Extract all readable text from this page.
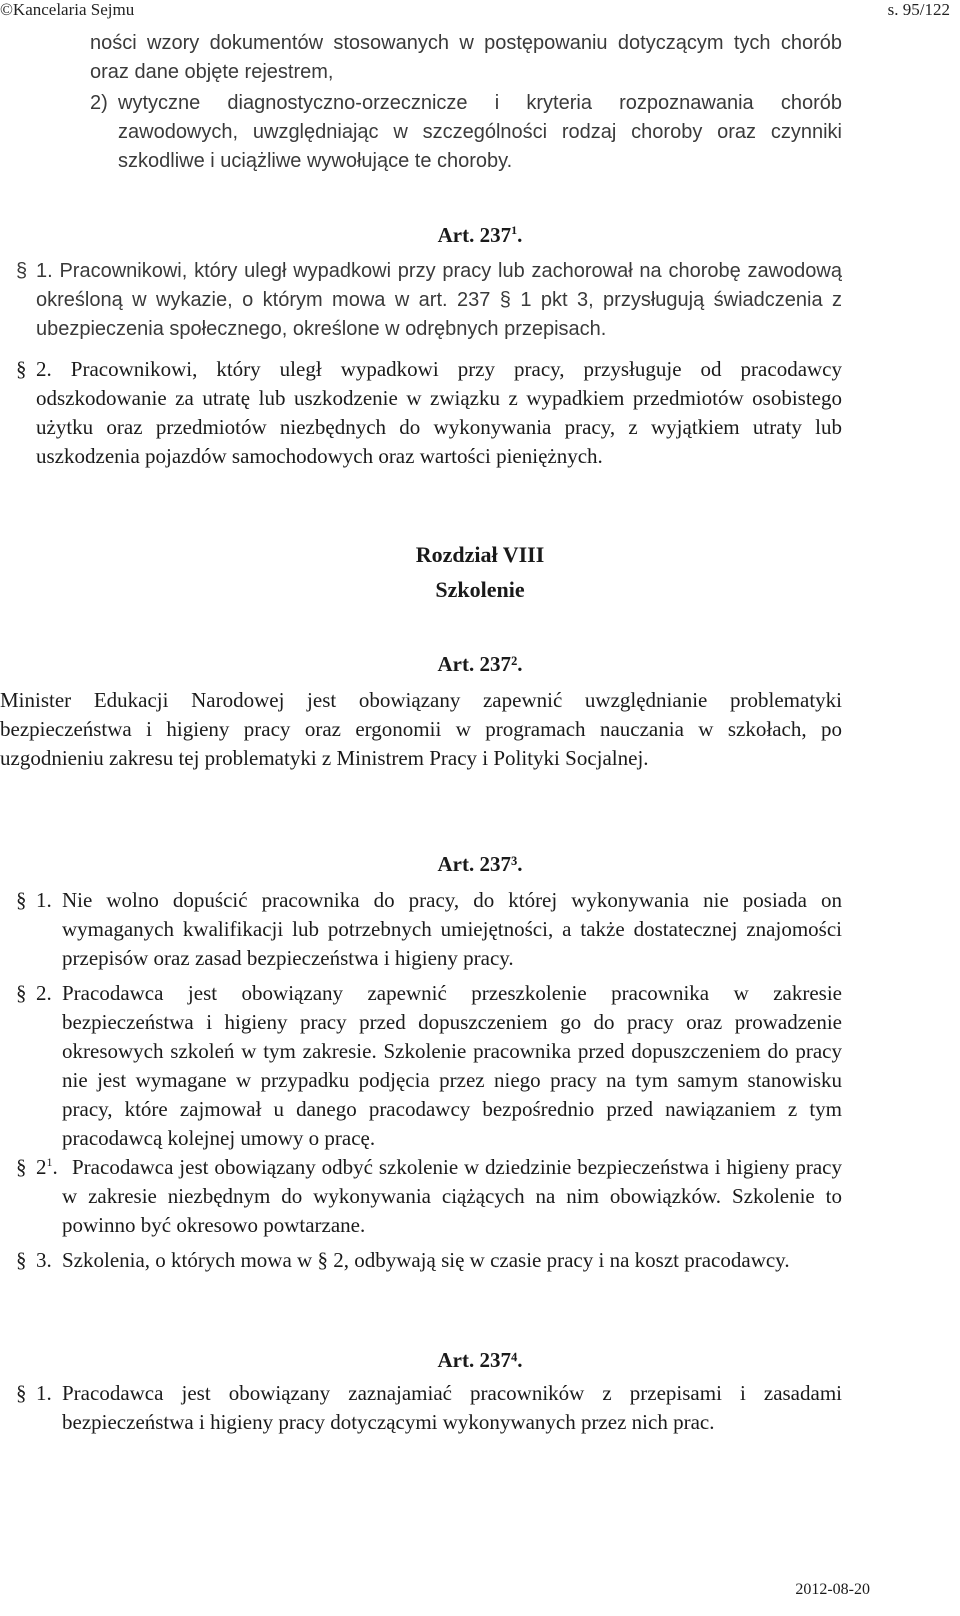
©Kancelaria Sejmu	s. 95/122
ności wzory dokumentów stosowanych w postępowaniu dotyczącym tych chorób oraz dane objęte rejestrem,
2) wytyczne diagnostyczno-orzecznicze i kryteria rozpoznawania chorób zawodowych, uwzględniając w szczególności rodzaj choroby oraz czynniki szkodliwe i uciążliwe wywołujące te choroby.
Art. $237^1$.
§ 1. Pracownikowi, który uległ wypadkowi przy pracy lub zachorował na chorobę zawodową określoną w wykazie, o którym mowa w art. 237 § 1 pkt 3, przysługują świadczenia z ubezpieczenia społecznego, określone w odrębnych przepisach.
§ 2. Pracownikowi, który uległ wypadkowi przy pracy, przysługuje od pracodawcy odszkodowanie za utratę lub uszkodzenie w związku z wypadkiem przedmiotów osobistego użytku oraz przedmiotów niezbędnych do wykonywania pracy, z wyjątkiem utraty lub uszkodzenia pojazdów samochodowych oraz wartości pieniężnych.
Rozdział VIII
Szkolenie
Art. 237².
Minister Edukacji Narodowej jest obowiązany zapewnić uwzględnianie problematyki bezpieczeństwa i higieny pracy oraz ergonomii w programach nauczania w szkołach, po uzgodnieniu zakresu tej problematyki z Ministrem Pracy i Polityki Socjalnej.
Art. 237³.
§ 1. Nie wolno dopuścić pracownika do pracy, do której wykonywania nie posiada on wymaganych kwalifikacji lub potrzebnych umiejętności, a także dostatecznej znajomości przepisów oraz zasad bezpieczeństwa i higieny pracy.
§ 2. Pracodawca jest obowiązany zapewnić przeszkolenie pracownika w zakresie bezpieczeństwa i higieny pracy przed dopuszczeniem go do pracy oraz prowadzenie okresowych szkoleń w tym zakresie. Szkolenie pracownika przed dopuszczeniem do pracy nie jest wymagane w przypadku podjęcia przez niego pracy na tym samym stanowisku pracy, które zajmował u danego pracodawcy bezpośrednio przed nawiązaniem z tym pracodawcą kolejnej umowy o pracę.
§ $2^1$. Pracodawca jest obowiązany odbyć szkolenie w dziedzinie bezpieczeństwa i higieny pracy w zakresie niezbędnym do wykonywania ciążących na nim obowiązków. Szkolenie to powinno być okresowo powtarzane.
§ 3. Szkolenia, o których mowa w § 2, odbywają się w czasie pracy i na koszt pracodawcy.
Art. 237⁴.
§ 1. Pracodawca jest obowiązany zaznajamiać pracowników z przepisami i zasadami bezpieczeństwa i higieny pracy dotyczącymi wykonywanych przez nich prac.
2012-08-20
